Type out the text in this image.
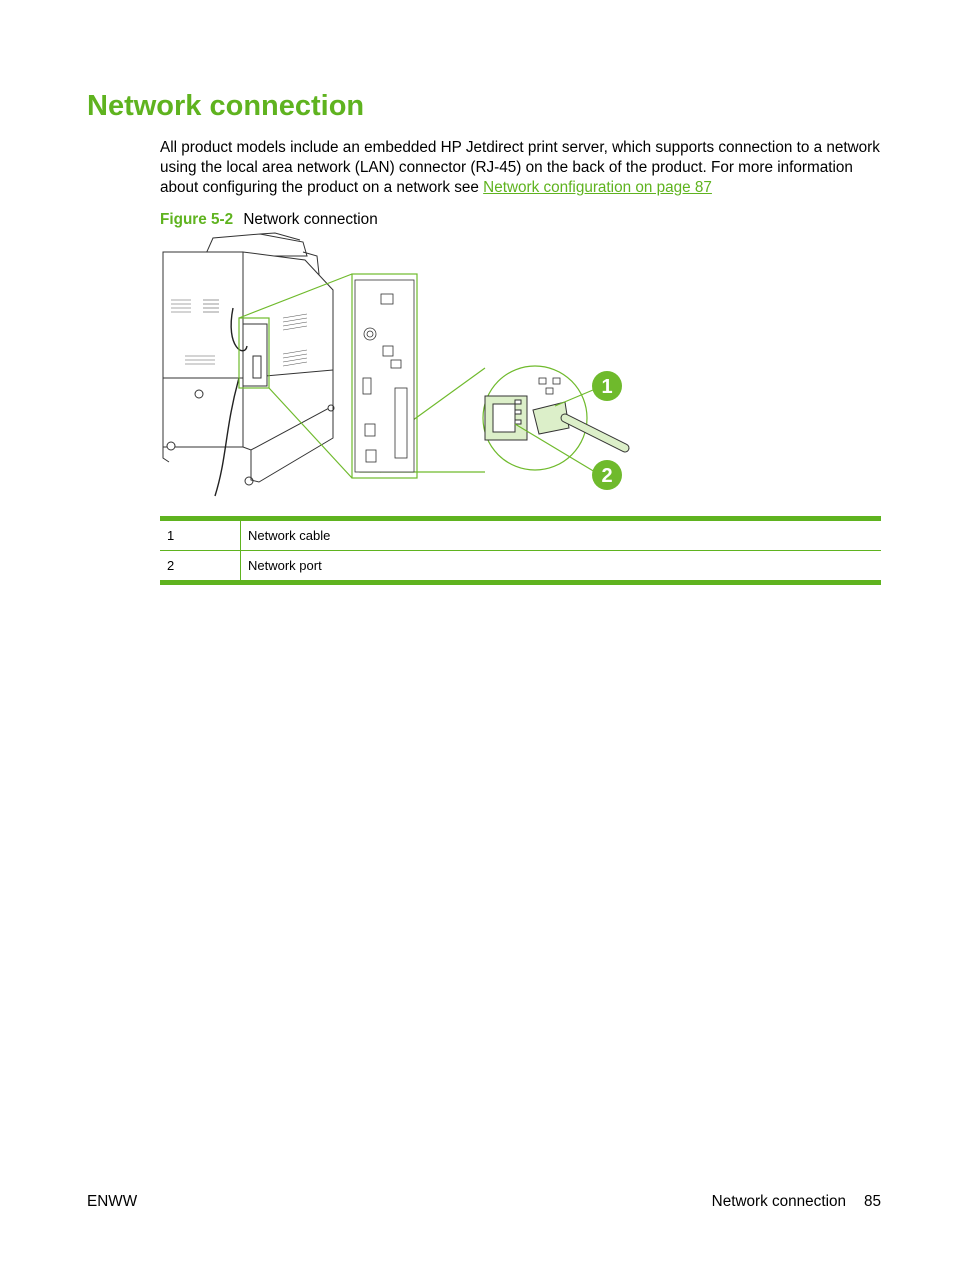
Network connection

All product models include an embedded HP Jetdirect print server, which supports connection to a network using the local area network (LAN) connector (RJ-45) on the back of the product. For more information about configuring the product on a network see Network configuration on page 87

Figure 5-2 Network connection
1
2
1	Network cable
2	Network port
ENWW	Network connection 85
